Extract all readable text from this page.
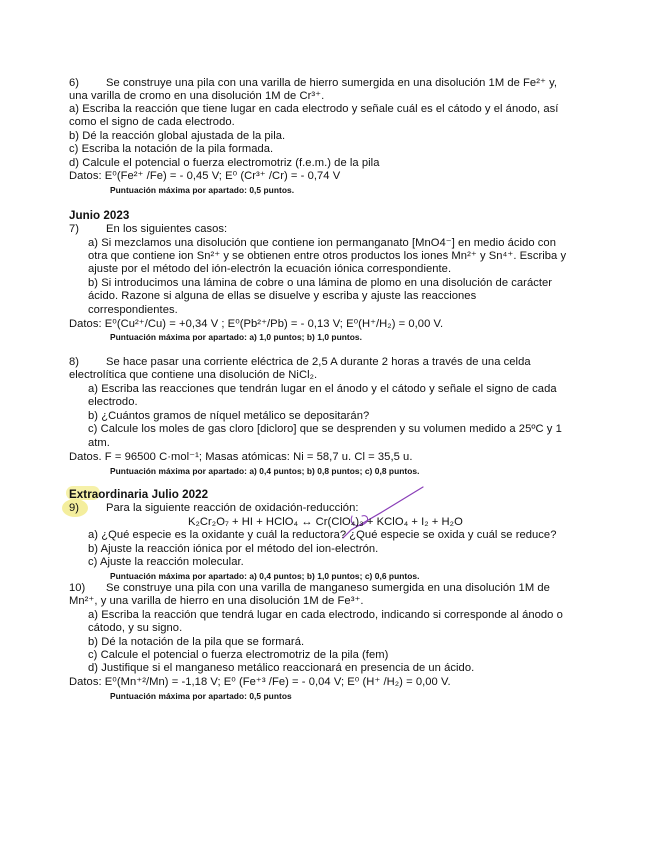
6) Se construye una pila con una varilla de hierro sumergida en una disolución 1M de Fe²⁺ y,
una varilla de cromo en una disolución 1M de Cr³⁺.
a) Escriba la reacción que tiene lugar en cada electrodo y señale cuál es el cátodo y el ánodo, así
como el signo de cada electrodo.
b) Dé la reacción global ajustada de la pila.
c) Escriba la notación de la pila formada.
d) Calcule el potencial o fuerza electromotriz (f.e.m.) de la pila
Datos: E⁰(Fe²⁺ /Fe) = - 0,45 V; E⁰ (Cr³⁺ /Cr) = - 0,74 V
Puntuación máxima por apartado: 0,5 puntos.
Junio 2023
7) En los siguientes casos:
a) Si mezclamos una disolución que contiene ion permanganato [MnO4⁻] en medio ácido con
otra que contiene ion Sn²⁺ y se obtienen entre otros productos los iones Mn²⁺ y Sn⁴⁺. Escriba y
ajuste por el método del ión-electrón la ecuación iónica correspondiente.
b) Si introducimos una lámina de cobre o una lámina de plomo en una disolución de carácter
ácido. Razone si alguna de ellas se disuelve y escriba y ajuste las reacciones
correspondientes.
Datos: E⁰(Cu²⁺/Cu) = +0,34 V ; E⁰(Pb²⁺/Pb) = - 0,13 V; E⁰(H⁺/H₂) = 0,00 V.
Puntuación máxima por apartado: a) 1,0 puntos; b) 1,0 puntos.
8) Se hace pasar una corriente eléctrica de 2,5 A durante 2 horas a través de una celda
electrolítica que contiene una disolución de NiCl₂.
a) Escriba las reacciones que tendrán lugar en el ánodo y el cátodo y señale el signo de cada
electrodo.
b) ¿Cuántos gramos de níquel metálico se depositarán?
c) Calcule los moles de gas cloro [dicloro] que se desprenden y su volumen medido a 25ºC y 1
atm.
Datos. F = 96500 C·mol⁻¹; Masas atómicas: Ni = 58,7 u. Cl = 35,5 u.
Puntuación máxima por apartado: a) 0,4 puntos; b) 0,8 puntos; c) 0,8 puntos.
Extraordinaria Julio 2022
9) Para la siguiente reacción de oxidación-reducción:
K₂Cr₂O₇ + HI + HClO₄ ↔ Cr(ClO₄)₃ + KClO₄ + I₂ + H₂O
a) ¿Qué especie es la oxidante y cuál la reductora? ¿Qué especie se oxida y cuál se reduce?
b) Ajuste la reacción iónica por el método del ion-electrón.
c) Ajuste la reacción molecular.
Puntuación máxima por apartado: a) 0,4 puntos; b) 1,0 puntos; c) 0,6 puntos.
10) Se construye una pila con una varilla de manganeso sumergida en una disolución 1M de
Mn²⁺, y una varilla de hierro en una disolución 1M de Fe³⁺.
a) Escriba la reacción que tendrá lugar en cada electrodo, indicando si corresponde al ánodo o
cátodo, y su signo.
b) Dé la notación de la pila que se formará.
c) Calcule el potencial o fuerza electromotriz de la pila (fem)
d) Justifique si el manganeso metálico reaccionará en presencia de un ácido.
Datos: E⁰(Mn⁺²/Mn) = -1,18 V; E⁰ (Fe⁺³ /Fe) = - 0,04 V; E⁰ (H⁺ /H₂) = 0,00 V.
Puntuación máxima por apartado: 0,5 puntos
